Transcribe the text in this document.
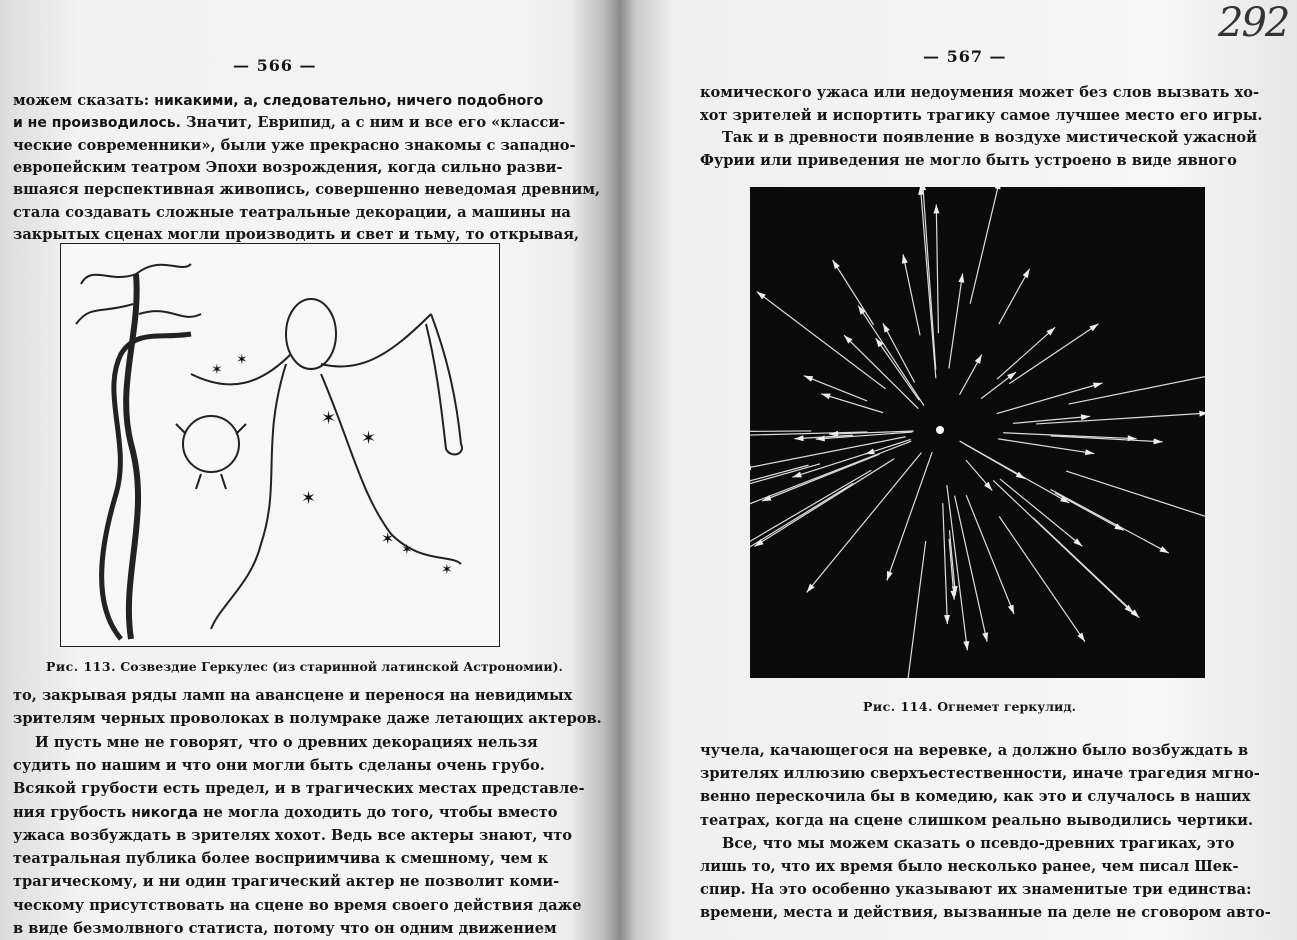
292
— 566 —
можем сказать: никакими, а, следовательно, ничего подобного
и не производилось. Значит, Еврипид, а с ним и все его «класси-
ческие современники», были уже прекрасно знакомы с западно-
европейским театром Эпохи возрождения, когда сильно разви-
вшаяся перспективная живопись, совершенно неведомая древним,
стала создавать сложные театральные декорации, а машины на
закрытых сценах могли производить и свет и тьму, то открывая,
✶
✶
✶
✶
✶
✶
✶
✶
Рис. 113. Созвездие Геркулес (из старинной латинской Астрономии).
то, закрывая ряды ламп на авансцене и перенося на невидимых
зрителям черных проволоках в полумраке даже летающих актеров.
И пусть мне не говорят, что о древних декорациях нельзя
судить по нашим и что они могли быть сделаны очень грубо.
Всякой грубости есть предел, и в трагических местах представле-
ния грубость никогда не могла доходить до того, чтобы вместо
ужаса возбуждать в зрителях хохот. Ведь все актеры знают, что
театральная публика более восприимчива к смешному, чем к
трагическому, и ни один трагический актер не позволит коми-
ческому присутствовать на сцене во время своего действия даже
в виде безмолвного статиста, потому что он одним движением
— 567 —
комического ужаса или недоумения может без слов вызвать хо-
хот зрителей и испортить трагику самое лучшее место его игры.
Так и в древности появление в воздухе мистической ужасной
Фурии или приведения не могло быть устроено в виде явного
Рис. 114. Огнемет геркулид.
чучела, качающегося на веревке, а должно было возбуждать в
зрителях иллюзию сверхъестественности, иначе трагедия мгно-
венно перескочила бы в комедию, как это и случалось в наших
театрах, когда на сцене слишком реально выводились чертики.
Все, что мы можем сказать о псевдо-древних трагиках, это
лишь то, что их время было несколько ранее, чем писал Шек-
спир. На это особенно указывают их знаменитые три единства:
времени, места и действия, вызванные па деле не сговором авто-
